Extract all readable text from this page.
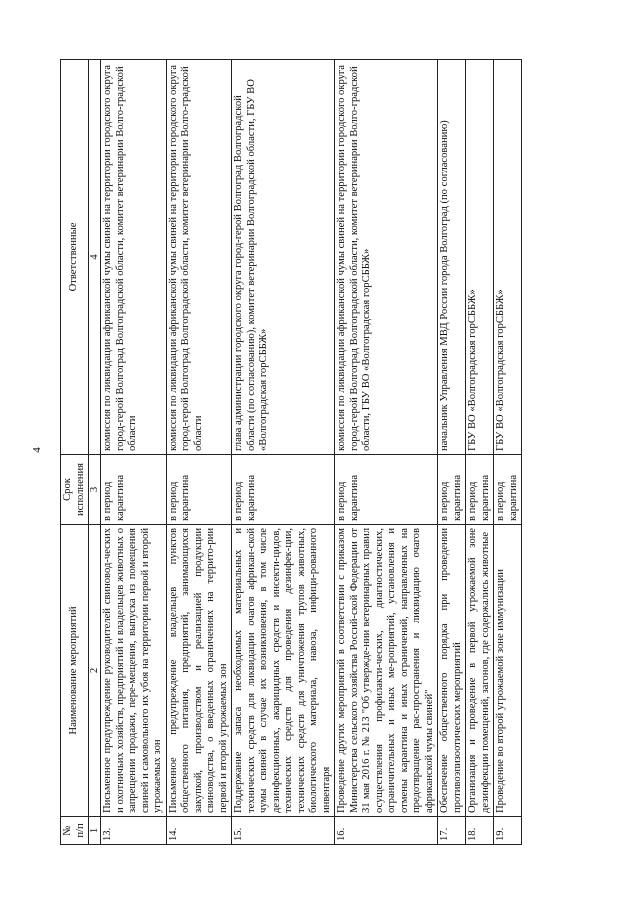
4
№ п/п	Наименование мероприятий	Срок исполнения	Ответственные
1	2	3	4
13.	Письменное предупреждение руководителей свиновод-ческих и охотничьих хозяйств, предприятий и владельцев животных о запрещении продажи, пере-мещения, выпуска из помещения свиней и самовольного их убоя на территории первой и второй угрожаемых зон	в период карантина	комиссия по ликвидации африканской чумы свиней на территории городского округа город-герой Волгоград Волгоградской области, комитет ветеринарии Волго-градской области
14.	Письменное предупреждение владельцев пунктов общественного питания, предприятий, занимающихся закупкой, производством и реализацией продукции свиноводства, о введенных ограничениях на террито-рии первой и второй угрожаемых зон	в период карантина	комиссия по ликвидации африканской чумы свиней на территории городского округа город-герой Волгоград Волгоградской области, комитет ветеринарии Волго-градской области
15.	Поддержание запаса необходимых материальных и технических средств для ликвидации очагов африкан-ской чумы свиней в случае их возникновения, в том числе дезинфекционных, акарицидных средств и инсекти-цидов, технических средств для проведения дезинфек-ции, технических средств для уничтожения трупов животных, биологического материала, навоза, инфици-рованного инвентаря	в период карантина	глава администрации городского округа город-герой Волгоград Волгоградской области (по согласованию), комитет ветеринарии Волгоградской области, ГБУ ВО «Волгоградская горСББЖ»
16.	Проведение других мероприятий в соответствии с приказом Министерства сельского хозяйства Россий-ской Федерации от 31 мая 2016 г. № 213 "Об утвержде-нии ветеринарных правил осуществления профилакти-ческих, диагностических, ограничительных и иных ме-роприятий, установления и отмены карантина и иных ограничений, направленных на предотвращение рас-пространения и ликвидацию очагов африканской чумы свиней"	в период карантина	комиссия по ликвидации африканской чумы свиней на территории городского округа город-герой Волгоград Волгоградской области, комитет ветеринарии Волго-градской области, ГБУ ВО «Волгоградская горСББЖ»
17.	Обеспечение общественного порядка при проведении противоэпизоотических мероприятий	в период карантина	начальник Управления МВД России города Волгоград (по согласованию)
18.	Организация и проведение в первой угрожаемой зоне дезинфекции помещений, загонов, где содержались животные	в период карантина	ГБУ ВО «Волгоградская горСББЖ»
19.	Проведение во второй угрожаемой зоне иммунизации	в период карантина	ГБУ ВО «Волгоградская горСББЖ»
